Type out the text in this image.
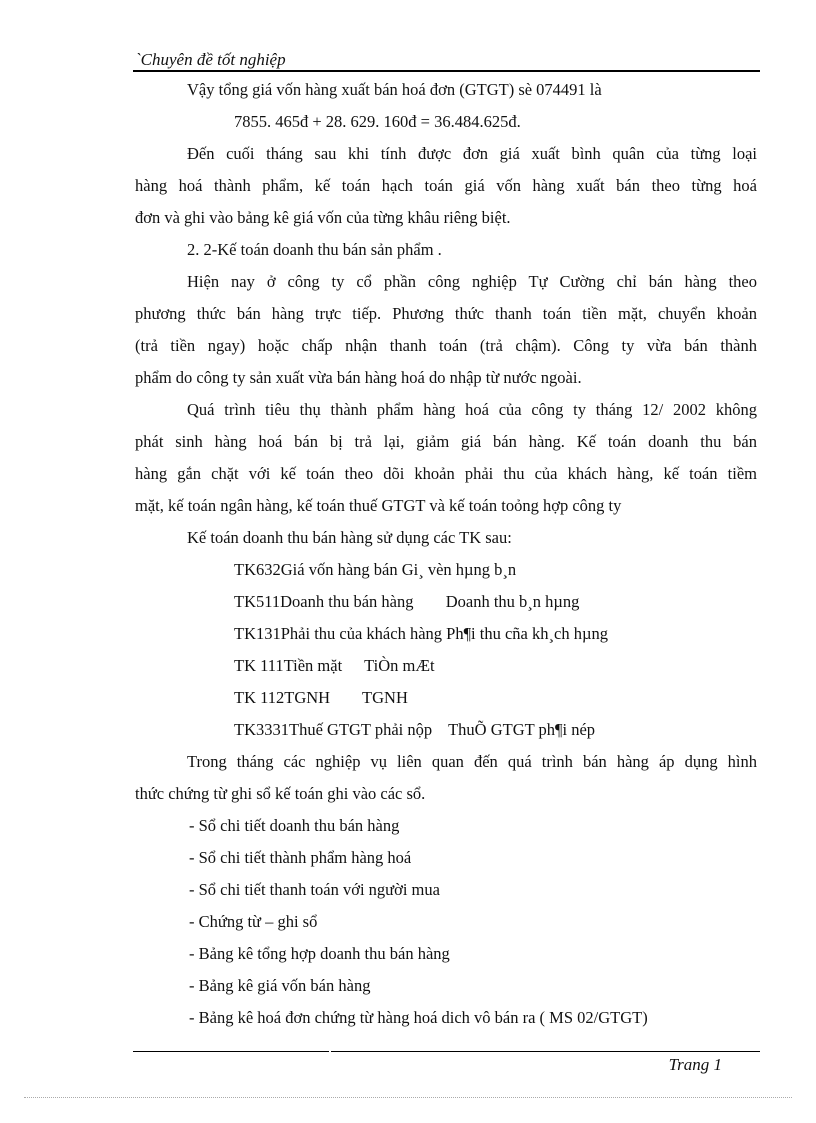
`Chuyên đề tốt nghiệp
Vậy tổng giá vốn hàng xuất bán hoá đơn (GTGT) sè 074491 là
7855. 465đ + 28. 629. 160đ = 36.484.625đ.
Đến cuối tháng sau khi tính được đơn giá xuất bình quân của từng loại
hàng hoá thành phẩm, kế toán hạch toán giá vốn hàng xuất bán theo từng hoá
đơn và ghi vào bảng kê giá vốn của từng khâu riêng biệt.
2. 2-Kế toán doanh thu bán sản phẩm .
Hiện nay ở công ty cổ phần công nghiệp Tự Cường chỉ bán hàng theo
phương thức bán hàng trực tiếp. Phương thức thanh toán tiền mặt, chuyển khoản
(trả tiền ngay) hoặc chấp nhận thanh toán (trả chậm). Công ty vừa bán thành
phẩm do công ty sản xuất vừa bán hàng hoá do nhập từ nước ngoài.
Quá trình tiêu thụ thành phẩm hàng hoá của công ty tháng 12/ 2002 không
phát sinh hàng hoá bán bị trả lại, giảm giá bán hàng. Kế toán doanh thu bán
hàng gắn chặt với kế toán theo dõi khoản phải thu của khách hàng, kế toán tiềm
mặt, kế toán ngân hàng, kế toán thuế GTGT và kế toán toỏng hợp công ty
Kế toán doanh thu bán hàng sử dụng các TK sau:
TK632Giá vốn hàng bán Gi¸ vèn hµng b¸n
TK511Doanh thu bán hàng Doanh thu b¸n hµng
TK131Phải thu của khách hàng Ph¶i thu cña kh¸ch hµng
TK 111Tiền mặt TiÒn mÆt
TK 112TGNH TGNH
TK3331Thuế GTGT phải nộp ThuÕ GTGT ph¶i nép
Trong tháng các nghiệp vụ liên quan đến quá trình bán hàng áp dụng hình
thức chứng từ ghi sổ kế toán ghi vào các sổ.
- Sổ chi tiết doanh thu bán hàng
- Sổ chi tiết thành phẩm hàng hoá
- Sổ chi tiết thanh toán với người mua
- Chứng từ – ghi sổ
- Bảng kê tổng hợp doanh thu bán hàng
- Bảng kê giá vốn bán hàng
- Bảng kê hoá đơn chứng từ hàng hoá dich vô bán ra ( MS 02/GTGT)
Trang 1
